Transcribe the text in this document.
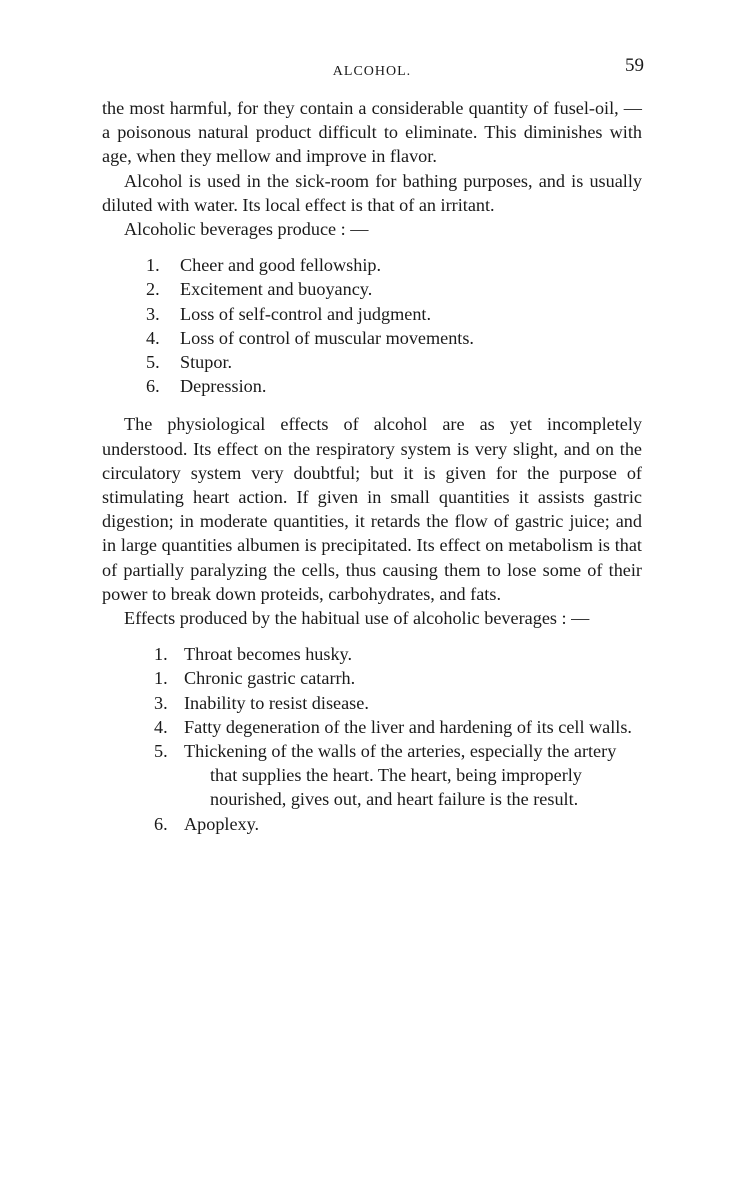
ALCOHOL.	59

the most harmful, for they contain a considerable quantity of fusel-oil, — a poisonous natural product difficult to eliminate. This diminishes with age, when they mellow and improve in flavor.

Alcohol is used in the sick-room for bathing purposes, and is usually diluted with water. Its local effect is that of an irritant.

Alcoholic beverages produce : —

1.	Cheer and good fellowship.
2.	Excitement and buoyancy.
3.	Loss of self-control and judgment.
4.	Loss of control of muscular movements.
5.	Stupor.
6.	Depression.

The physiological effects of alcohol are as yet incompletely understood. Its effect on the respiratory system is very slight, and on the circulatory system very doubtful; but it is given for the purpose of stimulating heart action. If given in small quantities it assists gastric digestion; in moderate quantities, it retards the flow of gastric juice; and in large quantities albumen is precipitated. Its effect on metabolism is that of partially paralyzing the cells, thus causing them to lose some of their power to break down proteids, carbohydrates, and fats.

Effects produced by the habitual use of alcoholic beverages : —

1. Throat becomes husky.
1. Chronic gastric catarrh.
3. Inability to resist disease.
4. Fatty degeneration of the liver and hardening of its cell walls.
5. Thickening of the walls of the arteries, especially the artery that supplies the heart. The heart, being improperly nourished, gives out, and heart failure is the result.
6. Apoplexy.
